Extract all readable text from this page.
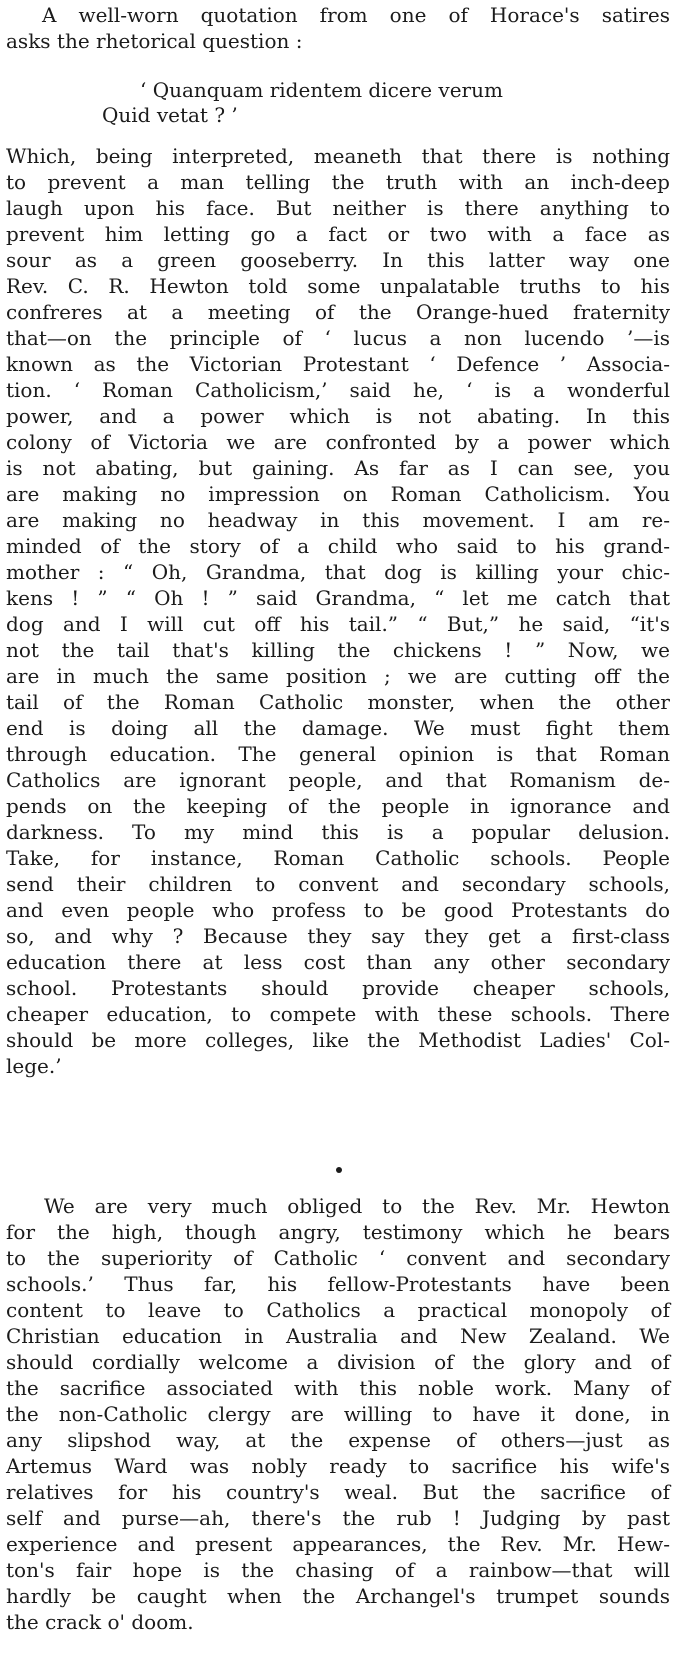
A well-worn quotation from one of Horace's satires
asks the rhetorical question :
‘ Quanquam ridentem dicere verum
Quid vetat ? ’
Which, being interpreted, meaneth that there is nothing
to prevent a man telling the truth with an inch-deep
laugh upon his face. But neither is there anything to
prevent him letting go a fact or two with a face as
sour as a green gooseberry. In this latter way one
Rev. C. R. Hewton told some unpalatable truths to his
confreres at a meeting of the Orange-hued fraternity
that—on the principle of ‘ lucus a non lucendo ’—is
known as the Victorian Protestant ‘ Defence ’ Associa-
tion. ‘ Roman Catholicism,’ said he, ‘ is a wonderful
power, and a power which is not abating. In this
colony of Victoria we are confronted by a power which
is not abating, but gaining. As far as I can see, you
are making no impression on Roman Catholicism. You
are making no headway in this movement. I am re-
minded of the story of a child who said to his grand-
mother : “ Oh, Grandma, that dog is killing your chic-
kens ! ” “ Oh ! ” said Grandma, “ let me catch that
dog and I will cut off his tail.” “ But,” he said, “it's
not the tail that's killing the chickens ! ” Now, we
are in much the same position ; we are cutting off the
tail of the Roman Catholic monster, when the other
end is doing all the damage. We must fight them
through education. The general opinion is that Roman
Catholics are ignorant people, and that Romanism de-
pends on the keeping of the people in ignorance and
darkness. To my mind this is a popular delusion.
Take, for instance, Roman Catholic schools. People
send their children to convent and secondary schools,
and even people who profess to be good Protestants do
so, and why ? Because they say they get a first-class
education there at less cost than any other secondary
school. Protestants should provide cheaper schools,
cheaper education, to compete with these schools. There
should be more colleges, like the Methodist Ladies' Col-
lege.’
We are very much obliged to the Rev. Mr. Hewton
for the high, though angry, testimony which he bears
to the superiority of Catholic ‘ convent and secondary
schools.’ Thus far, his fellow-Protestants have been
content to leave to Catholics a practical monopoly of
Christian education in Australia and New Zealand. We
should cordially welcome a division of the glory and of
the sacrifice associated with this noble work. Many of
the non-Catholic clergy are willing to have it done, in
any slipshod way, at the expense of others—just as
Artemus Ward was nobly ready to sacrifice his wife's
relatives for his country's weal. But the sacrifice of
self and purse—ah, there's the rub ! Judging by past
experience and present appearances, the Rev. Mr. Hew-
ton's fair hope is the chasing of a rainbow—that will
hardly be caught when the Archangel's trumpet sounds
the crack o' doom.
